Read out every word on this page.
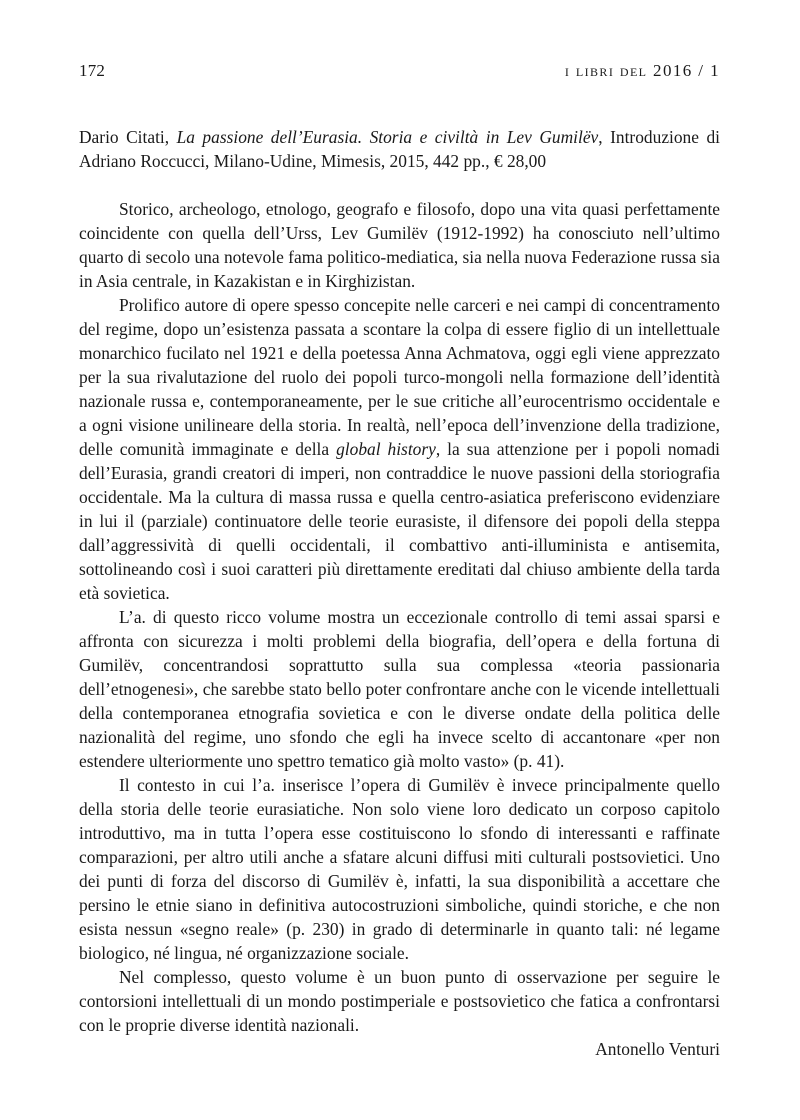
172	i libri del 2016 / 1
Dario Citati, La passione dell’Eurasia. Storia e civiltà in Lev Gumilëv, Introduzione di Adriano Roccucci, Milano-Udine, Mimesis, 2015, 442 pp., € 28,00

Storico, archeologo, etnologo, geografo e filosofo, dopo una vita quasi perfettamente coincidente con quella dell’Urss, Lev Gumilëv (1912-1992) ha conosciuto nell’ultimo quarto di secolo una notevole fama politico-mediatica, sia nella nuova Federazione russa sia in Asia centrale, in Kazakistan e in Kirghizistan.

Prolifico autore di opere spesso concepite nelle carceri e nei campi di concentramento del regime, dopo un’esistenza passata a scontare la colpa di essere figlio di un intellettuale monarchico fucilato nel 1921 e della poetessa Anna Achmatova, oggi egli viene apprezzato per la sua rivalutazione del ruolo dei popoli turco-mongoli nella formazione dell’identità nazionale russa e, contemporaneamente, per le sue critiche all’eurocentrismo occidentale e a ogni visione unilineare della storia. In realtà, nell’epoca dell’invenzione della tradizione, delle comunità immaginate e della global history, la sua attenzione per i popoli nomadi dell’Eurasia, grandi creatori di imperi, non contraddice le nuove passioni della storiografia occidentale. Ma la cultura di massa russa e quella centro-asiatica preferiscono evidenziare in lui il (parziale) continuatore delle teorie eurasiste, il difensore dei popoli della steppa dall’aggressività di quelli occidentali, il combattivo anti-illuminista e antisemita, sottolineando così i suoi caratteri più direttamente ereditati dal chiuso ambiente della tarda età sovietica.

L’a. di questo ricco volume mostra un eccezionale controllo di temi assai sparsi e affronta con sicurezza i molti problemi della biografia, dell’opera e della fortuna di Gumilëv, concentrandosi soprattutto sulla sua complessa «teoria passionaria dell’etnogenesi», che sarebbe stato bello poter confrontare anche con le vicende intellettuali della contemporanea etnografia sovietica e con le diverse ondate della politica delle nazionalità del regime, uno sfondo che egli ha invece scelto di accantonare «per non estendere ulteriormente uno spettro tematico già molto vasto» (p. 41).

Il contesto in cui l’a. inserisce l’opera di Gumilëv è invece principalmente quello della storia delle teorie eurasiatiche. Non solo viene loro dedicato un corposo capitolo introduttivo, ma in tutta l’opera esse costituiscono lo sfondo di interessanti e raffinate comparazioni, per altro utili anche a sfatare alcuni diffusi miti culturali postsovietici. Uno dei punti di forza del discorso di Gumilëv è, infatti, la sua disponibilità a accettare che persino le etnie siano in definitiva autocostruzioni simboliche, quindi storiche, e che non esista nessun «segno reale» (p. 230) in grado di determinarle in quanto tali: né legame biologico, né lingua, né organizzazione sociale.

Nel complesso, questo volume è un buon punto di osservazione per seguire le contorsioni intellettuali di un mondo postimperiale e postsovietico che fatica a confrontarsi con le proprie diverse identità nazionali.

Antonello Venturi
